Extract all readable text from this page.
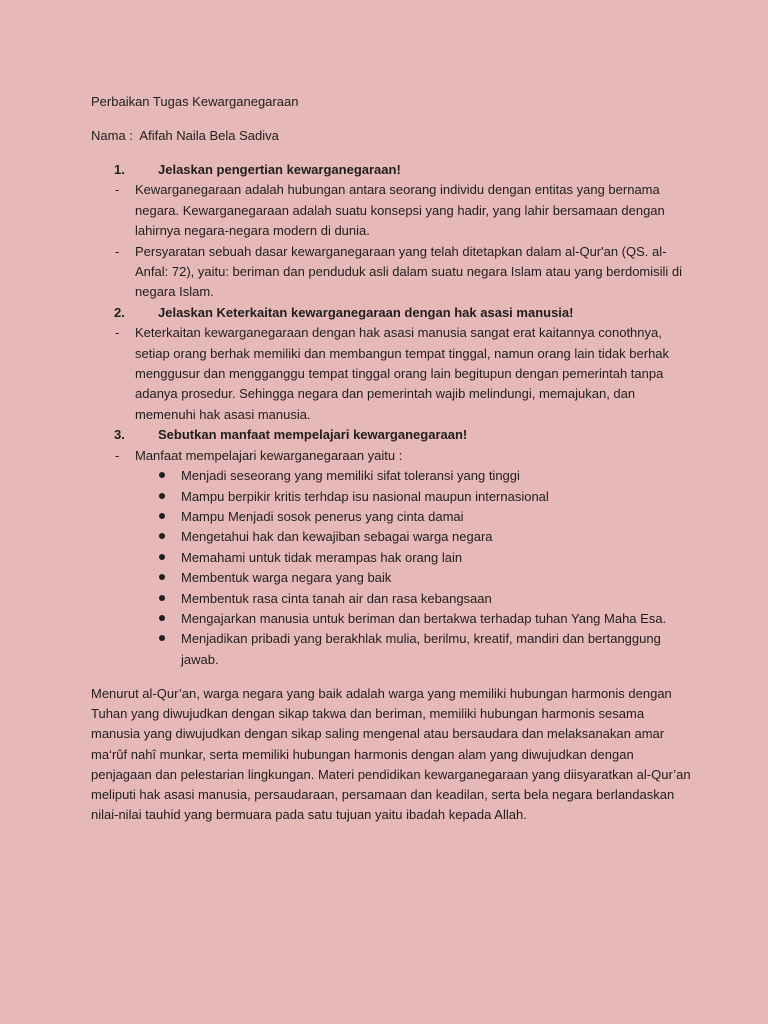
Perbaikan Tugas Kewarganegaraan
Nama :  Afifah Naila Bela Sadiva
1.	Jelaskan pengertian kewarganegaraan!
-	Kewarganegaraan adalah hubungan antara seorang individu dengan entitas yang bernama negara. Kewarganegaraan adalah suatu konsepsi yang hadir, yang lahir bersamaan dengan lahirnya negara-negara modern di dunia.
-	Persyaratan sebuah dasar kewarganegaraan yang telah ditetapkan dalam al-Qur'an (QS. al-Anfal: 72), yaitu: beriman dan penduduk asli dalam suatu negara Islam atau yang berdomisili di negara Islam.
2.	Jelaskan Keterkaitan kewarganegaraan dengan hak asasi manusia!
-	Keterkaitan kewarganegaraan dengan hak asasi manusia sangat erat kaitannya conothnya, setiap orang berhak memiliki dan membangun tempat tinggal, namun orang lain tidak berhak menggusur dan mengganggu tempat tinggal orang lain begitupun dengan pemerintah tanpa adanya prosedur. Sehingga negara dan pemerintah wajib melindungi, memajukan, dan memenuhi hak asasi manusia.
3.	Sebutkan manfaat mempelajari kewarganegaraan!
-	Manfaat mempelajari kewarganegaraan yaitu :
Menjadi seseorang yang memiliki sifat toleransi yang tinggi
Mampu berpikir kritis terhdap isu nasional maupun internasional
Mampu Menjadi sosok penerus yang cinta damai
Mengetahui hak dan kewajiban sebagai warga negara
Memahami untuk tidak merampas hak orang lain
Membentuk warga negara yang baik
Membentuk rasa cinta tanah air dan rasa kebangsaan
Mengajarkan manusia untuk beriman dan bertakwa terhadap tuhan Yang Maha Esa.
Menjadikan pribadi yang berakhlak mulia, berilmu, kreatif, mandiri dan bertanggung jawab.
Menurut al-Qur’an, warga negara yang baik adalah warga yang memiliki hubungan harmonis dengan Tuhan yang diwujudkan dengan sikap takwa dan beriman, memiliki hubungan harmonis sesama manusia yang diwujudkan dengan sikap saling mengenal atau bersaudara dan melaksanakan amar ma‘rûf nahî munkar, serta memiliki hubungan harmonis dengan alam yang diwujudkan dengan penjagaan dan pelestarian lingkungan. Materi pendidikan kewarganegaraan yang diisyaratkan al-Qur’an meliputi hak asasi manusia, persaudaraan, persamaan dan keadilan, serta bela negara berlandaskan nilai-nilai tauhid yang bermuara pada satu tujuan yaitu ibadah kepada Allah.
